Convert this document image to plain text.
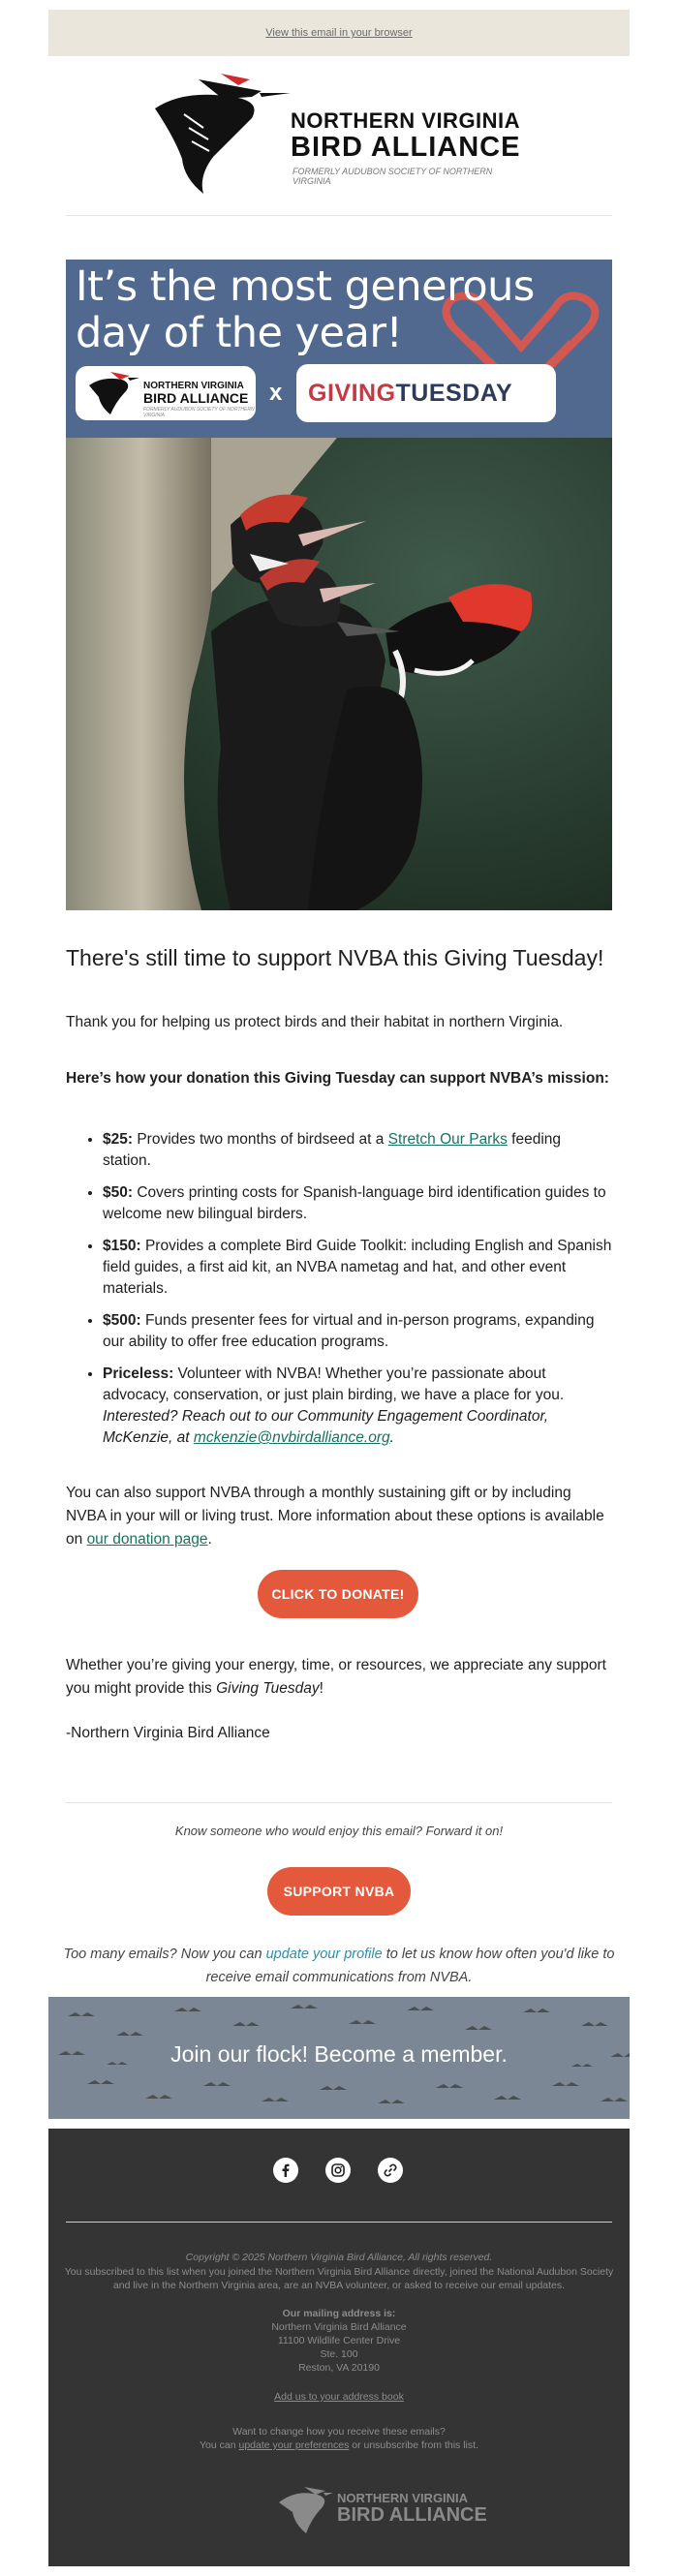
View this email in your browser
NORTHERN VIRGINIA
BIRD ALLIANCE
FORMERLY AUDUBON SOCIETY OF NORTHERN VIRGINIA
It’s the most generous day of the year!
NORTHERN VIRGINIA
BIRD ALLIANCE
FORMERLY AUDUBON SOCIETY OF NORTHERN VIRGINIA
x GIVINGTUESDAY
There's still time to support NVBA this Giving Tuesday!

Thank you for helping us protect birds and their habitat in northern Virginia.

Here’s how your donation this Giving Tuesday can support NVBA’s mission:

• $25: Provides two months of birdseed at a Stretch Our Parks feeding station.
• $50: Covers printing costs for Spanish-language bird identification guides to welcome new bilingual birders.
• $150: Provides a complete Bird Guide Toolkit: including English and Spanish field guides, a first aid kit, an NVBA nametag and hat, and other event materials.
• $500: Funds presenter fees for virtual and in-person programs, expanding our ability to offer free education programs.
• Priceless: Volunteer with NVBA! Whether you’re passionate about advocacy, conservation, or just plain birding, we have a place for you. Interested? Reach out to our Community Engagement Coordinator, McKenzie, at mckenzie@nvbirdalliance.org.

You can also support NVBA through a monthly sustaining gift or by including NVBA in your will or living trust. More information about these options is available on our donation page.

CLICK TO DONATE!

Whether you’re giving your energy, time, or resources, we appreciate any support you might provide this Giving Tuesday!

-Northern Virginia Bird Alliance

Know someone who would enjoy this email? Forward it on!
SUPPORT NVBA
Too many emails? Now you can update your profile to let us know how often you'd like to receive email communications from NVBA.
Join our flock! Become a member.
Copyright © 2025 Northern Virginia Bird Alliance, All rights reserved.
You subscribed to this list when you joined the Northern Virginia Bird Alliance directly, joined the National Audubon Society and live in the Northern Virginia area, are an NVBA volunteer, or asked to receive our email updates.
Our mailing address is:
Northern Virginia Bird Alliance
11100 Wildlife Center Drive
Ste. 100
Reston, VA 20190
Add us to your address book
Want to change how you receive these emails?
You can update your preferences or unsubscribe from this list.
NORTHERN VIRGINIA
BIRD ALLIANCE
